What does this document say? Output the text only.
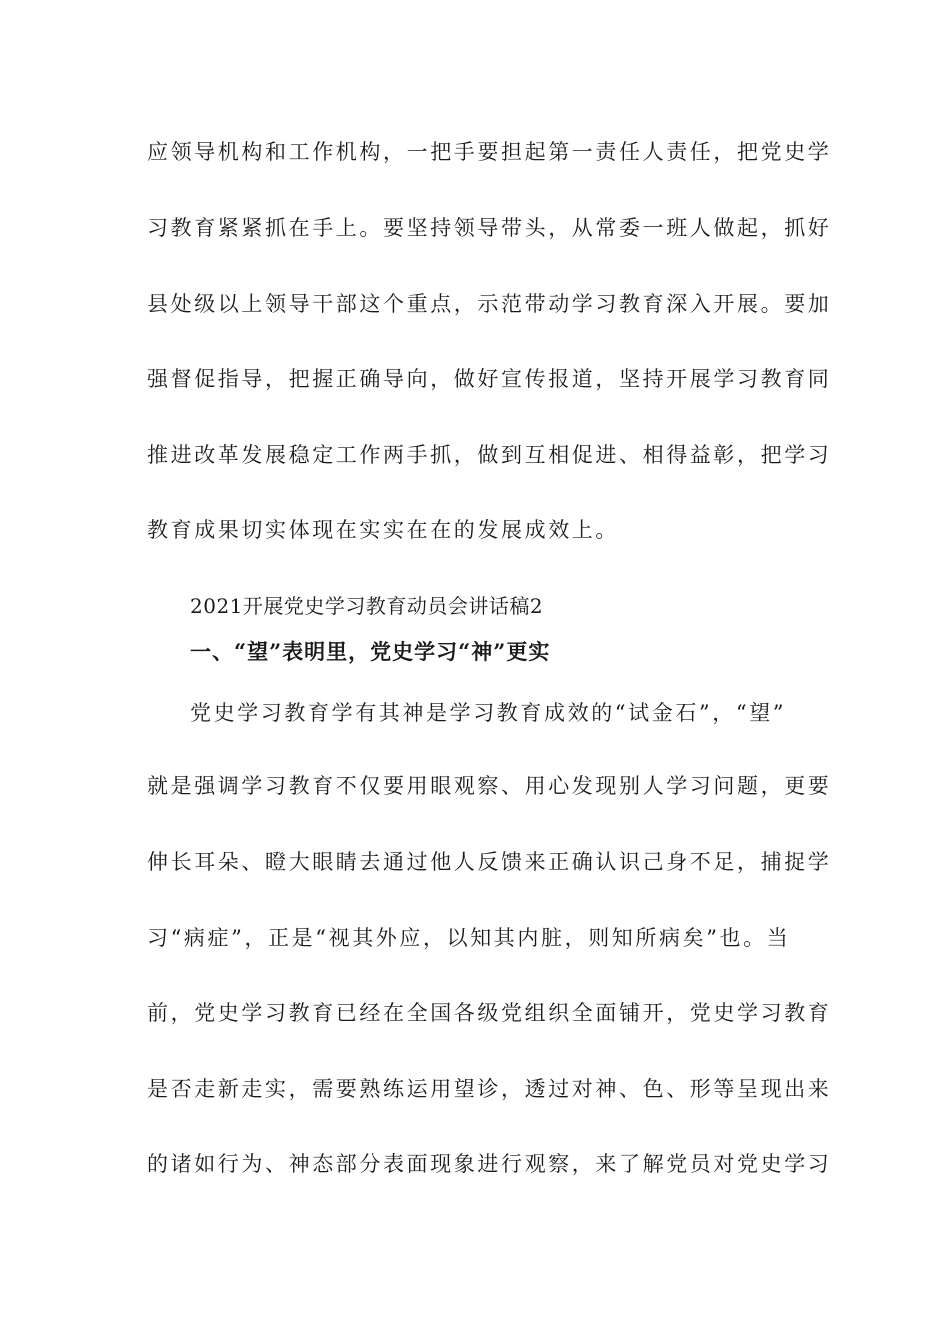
应领导机构和工作机构，一把手要担起第一责任人责任，把党史学
习教育紧紧抓在手上。要坚持领导带头，从常委一班人做起，抓好
县处级以上领导干部这个重点，示范带动学习教育深入开展。要加
强督促指导，把握正确导向，做好宣传报道，坚持开展学习教育同
推进改革发展稳定工作两手抓，做到互相促进、相得益彰，把学习
教育成果切实体现在实实在在的发展成效上。
2021开展党史学习教育动员会讲话稿2
一、“望”表明里，党史学习“神”更实
党史学习教育学有其神是学习教育成效的“试金石”，“望”
就是强调学习教育不仅要用眼观察、用心发现别人学习问题，更要
伸长耳朵、瞪大眼睛去通过他人反馈来正确认识己身不足，捕捉学
习“病症”，正是“视其外应，以知其内脏，则知所病矣”也。当
前，党史学习教育已经在全国各级党组织全面铺开，党史学习教育
是否走新走实，需要熟练运用望诊，透过对神、色、形等呈现出来
的诸如行为、神态部分表面现象进行观察，来了解党员对党史学习
